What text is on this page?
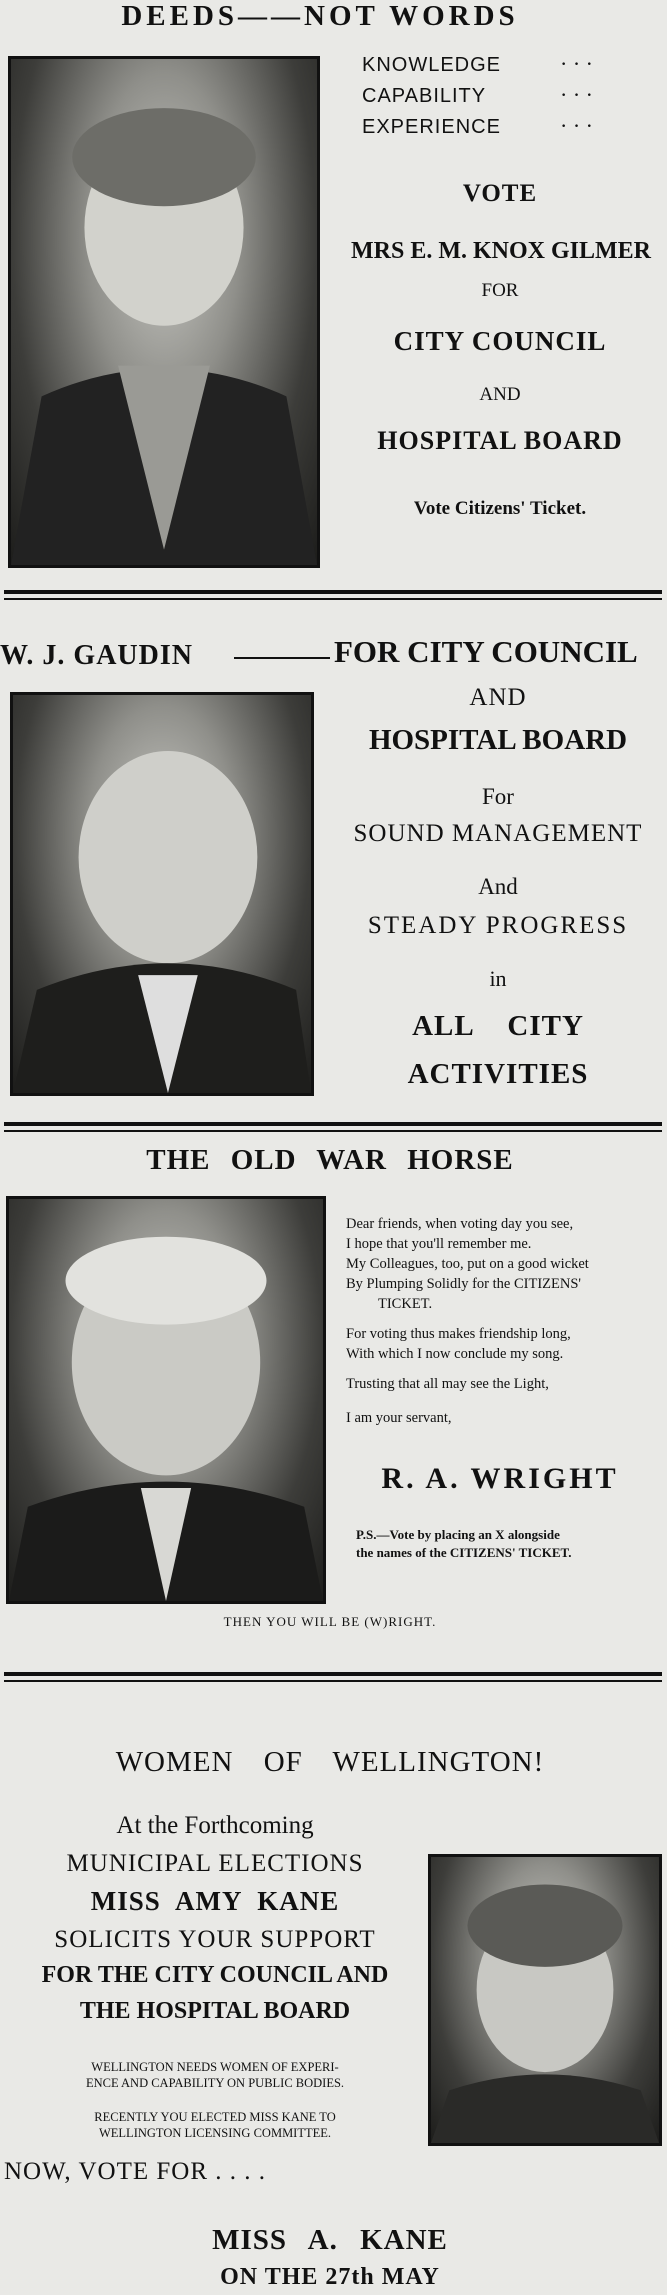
DEEDS——NOT WORDS
KNOWLEDGE
CAPABILITY
EXPERIENCE
· · ·
· · ·
· · ·
VOTE
MRS E. M. KNOX GILMER
FOR
CITY COUNCIL
AND
HOSPITAL BOARD
Vote Citizens' Ticket.
W. J. GAUDIN	FOR CITY COUNCIL
AND
HOSPITAL BOARD
For
SOUND MANAGEMENT
And
STEADY PROGRESS
in
ALL CITY
ACTIVITIES
THE OLD WAR HORSE

Dear friends, when voting day you see,

I hope that you'll remember me.

My Colleagues, too, put on a good wicket

By Plumping Solidly for the CITIZENS'

TICKET.

For voting thus makes friendship long,

With which I now conclude my song.

Trusting that all may see the Light,

I am your servant,

R. A. WRIGHT
P.S.—Vote by placing an X alongside
the names of the CITIZENS' TICKET.
THEN YOU WILL BE (W)RIGHT.
WOMEN OF WELLINGTON!
At the Forthcoming
MUNICIPAL ELECTIONS
MISS AMY KANE
SOLICITS YOUR SUPPORT
FOR THE CITY COUNCIL AND
THE HOSPITAL BOARD
WELLINGTON NEEDS WOMEN OF EXPERI-
ENCE AND CAPABILITY ON PUBLIC BODIES.
RECENTLY YOU ELECTED MISS KANE TO
WELLINGTON LICENSING COMMITTEE.
NOW, VOTE FOR . . . .
MISS A. KANE
ON THE 27th MAY
